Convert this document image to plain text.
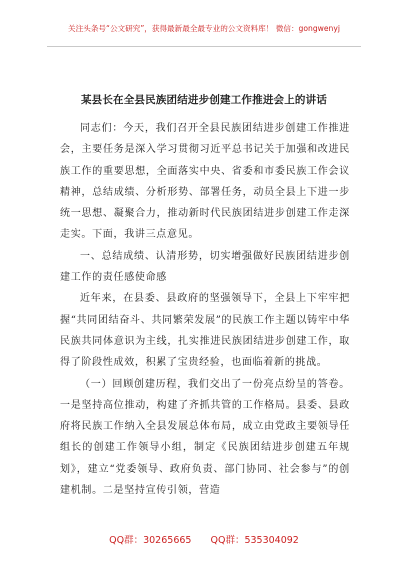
关注头条号“公文研究”，获得最新最全最专业的公文资料库！ 微信：gongwenyj
某县长在全县民族团结进步创建工作推进会上的讲话

同志们：今天，我们召开全县民族团结进步创建工作推进会，主要任务是深入学习贯彻习近平总书记关于加强和改进民族工作的重要思想，全面落实中央、省委和市委民族工作会议精神，总结成绩、分析形势、部署任务，动员全县上下进一步统一思想、凝聚合力，推动新时代民族团结进步创建工作走深走实。下面，我讲三点意见。

一、总结成绩、认清形势，切实增强做好民族团结进步创建工作的责任感使命感

近年来，在县委、县政府的坚强领导下，全县上下牢牢把握“共同团结奋斗、共同繁荣发展”的民族工作主题以铸牢中华民族共同体意识为主线，扎实推进民族团结进步创建工作，取得了阶段性成效，积累了宝贵经验，也面临着新的挑战。

（一）回顾创建历程，我们交出了一份亮点纷呈的答卷。一是坚持高位推动，构建了齐抓共管的工作格局。县委、县政府将民族工作纳入全县发展总体布局，成立由党政主要领导任组长的创建工作领导小组，制定《民族团结进步创建五年规划》，建立“党委领导、政府负责、部门协同、社会参与”的创建机制。二是坚持宣传引领，营造

QQ群：30265665 QQ群：535304092
